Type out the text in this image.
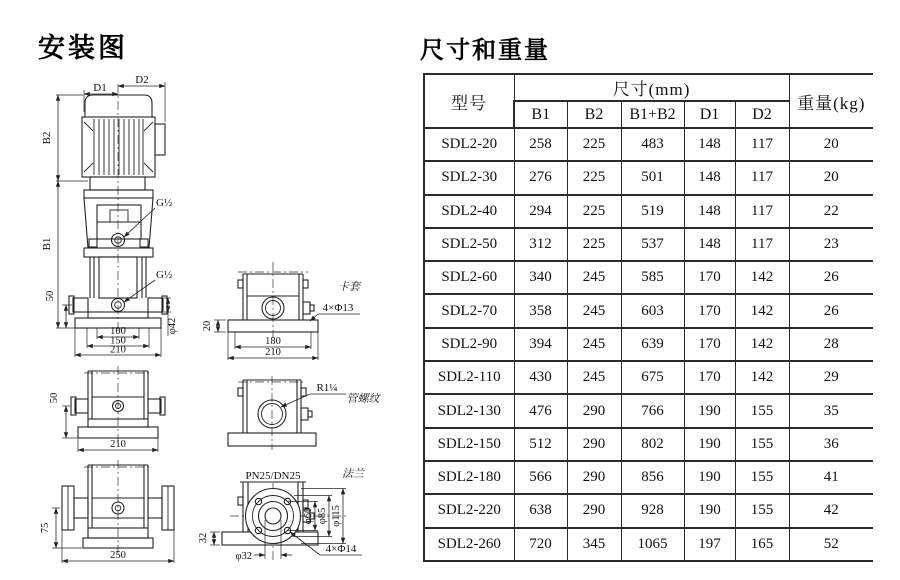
安装图	尺寸和重量
D1
D2
B2
B1
50
G½
G½
φ42
100
150
210
卡套
4×Φ13
20
180
210
50
210
R1¼
管螺纹
75
250
PN25/DN25	法兰
φ60 φ85 φ115
32
φ32
4×Φ14
型号	尺寸(mm)					重量(kg)
	B1	B2	B1+B2	D1	D2	
SDL2-20	258	225	483	148	117	20
SDL2-30	276	225	501	148	117	20
SDL2-40	294	225	519	148	117	22
SDL2-50	312	225	537	148	117	23
SDL2-60	340	245	585	170	142	26
SDL2-70	358	245	603	170	142	26
SDL2-90	394	245	639	170	142	28
SDL2-110	430	245	675	170	142	29
SDL2-130	476	290	766	190	155	35
SDL2-150	512	290	802	190	155	36
SDL2-180	566	290	856	190	155	41
SDL2-220	638	290	928	190	155	42
SDL2-260	720	345	1065	197	165	52
